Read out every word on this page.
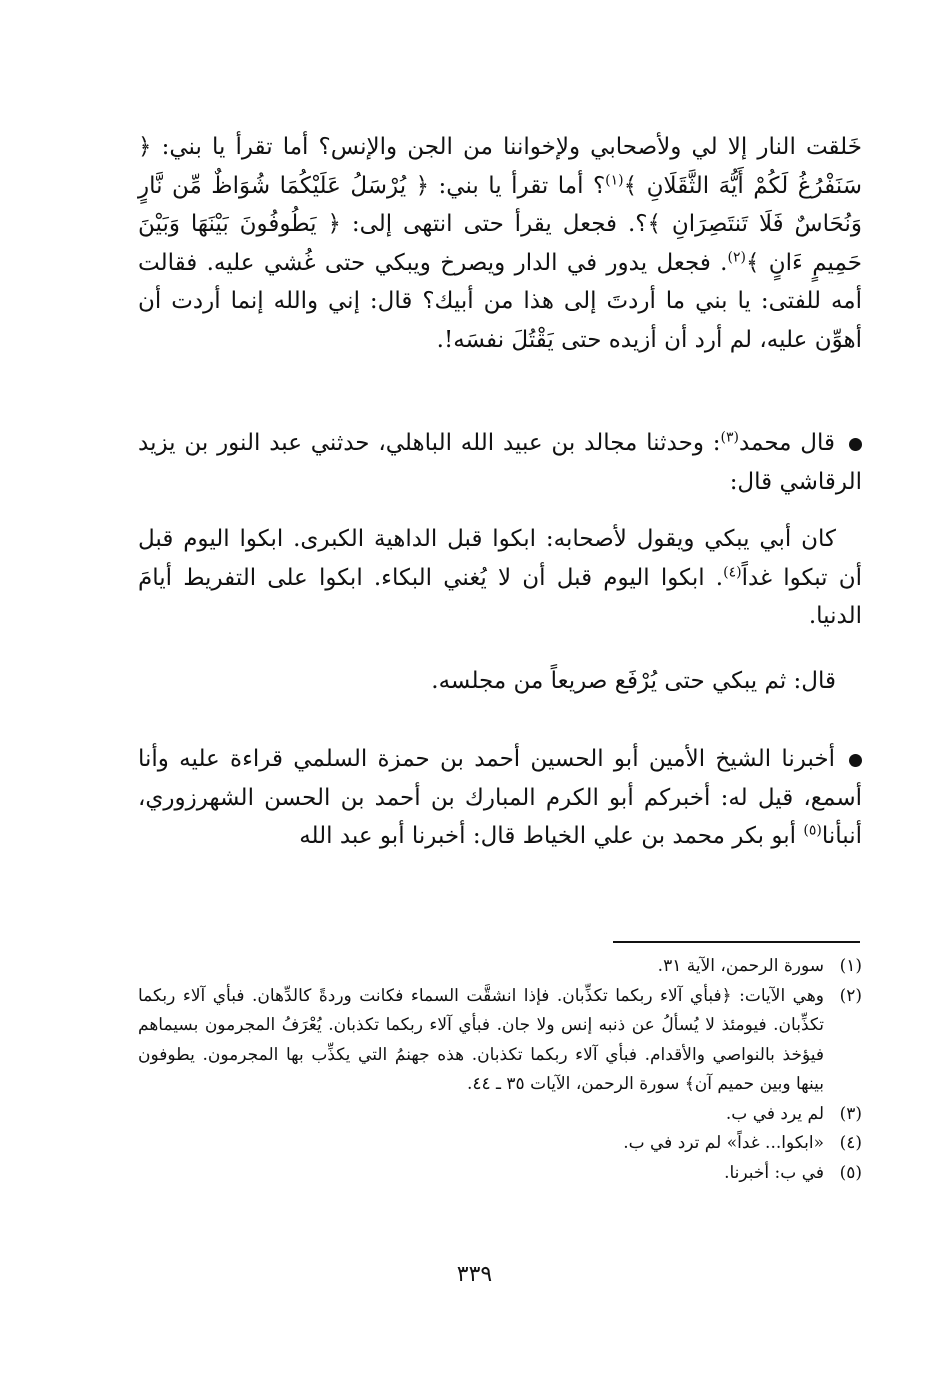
خَلقت النار إلا لي ولأصحابي ولإخواننا من الجن والإنس؟ أما تقرأ يا بني: ﴿ سَنَفْرُغُ لَكُمْ أَيُّهَ الثَّقَلَانِ ﴾$^{(١)}$؟ أما تقرأ يا بني: ﴿ يُرْسَلُ عَلَيْكُمَا شُوَاظٌ مِّن نَّارٍ وَنُحَاسٌ فَلَا تَنتَصِرَانِ ﴾؟. فجعل يقرأ حتى انتهى إلى: ﴿ يَطُوفُونَ بَيْنَهَا وَبَيْنَ حَمِيمٍ ءَانٍ ﴾$^{(٢)}$. فجعل يدور في الدار ويصرخ ويبكي حتى غُشي عليه. فقالت أمه للفتى: يا بني ما أردتَ إلى هذا من أبيك؟ قال: إني والله إنما أردت أن أهوِّن عليه، لم أرد أن أزيده حتى يَقْتُلَ نفسَه!.

قال محمد$^{(٣)}$: وحدثنا مجالد بن عبيد الله الباهلي، حدثني عبد النور بن يزيد الرقاشي قال:

كان أبي يبكي ويقول لأصحابه: ابكوا قبل الداهية الكبرى. ابكوا اليوم قبل أن تبكوا غداً$^{(٤)}$. ابكوا اليوم قبل أن لا يُغني البكاء. ابكوا على التفريط أيامَ الدنيا.

قال: ثم يبكي حتى يُرْفَع صريعاً من مجلسه.

أخبرنا الشيخ الأمين أبو الحسين أحمد بن حمزة السلمي قراءة عليه وأنا أسمع، قيل له: أخبركم أبو الكرم المبارك بن أحمد بن الحسن الشهرزوري، أنبأنا$^{(٥)}$ أبو بكر محمد بن علي الخياط قال: أخبرنا أبو عبد الله

(١)
سورة الرحمن، الآية ٣١.

(٢)
وهي الآيات: ﴿فبأي آلاء ربكما تكذِّبان. فإذا انشقَّت السماء فكانت وردةً كالدِّهان. فبأي آلاء ربكما تكذِّبان. فيومئذ لا يُسألُ عن ذنبه إنس ولا جان. فبأي آلاء ربكما تكذبان. يُعْرَفُ المجرمون بسيماهم فيؤخذ بالنواصي والأقدام. فبأي آلاء ربكما تكذبان. هذه جهنمُ التي يكذِّب بها المجرمون. يطوفون بينها وبين حميم آن﴾ سورة الرحمن، الآيات ٣٥ ـ ٤٤.

(٣)
لم يرد في ب.

(٤)
«ابكوا... غداً» لم ترد في ب.

(٥)
في ب: أخبرنا.

٣٣٩
